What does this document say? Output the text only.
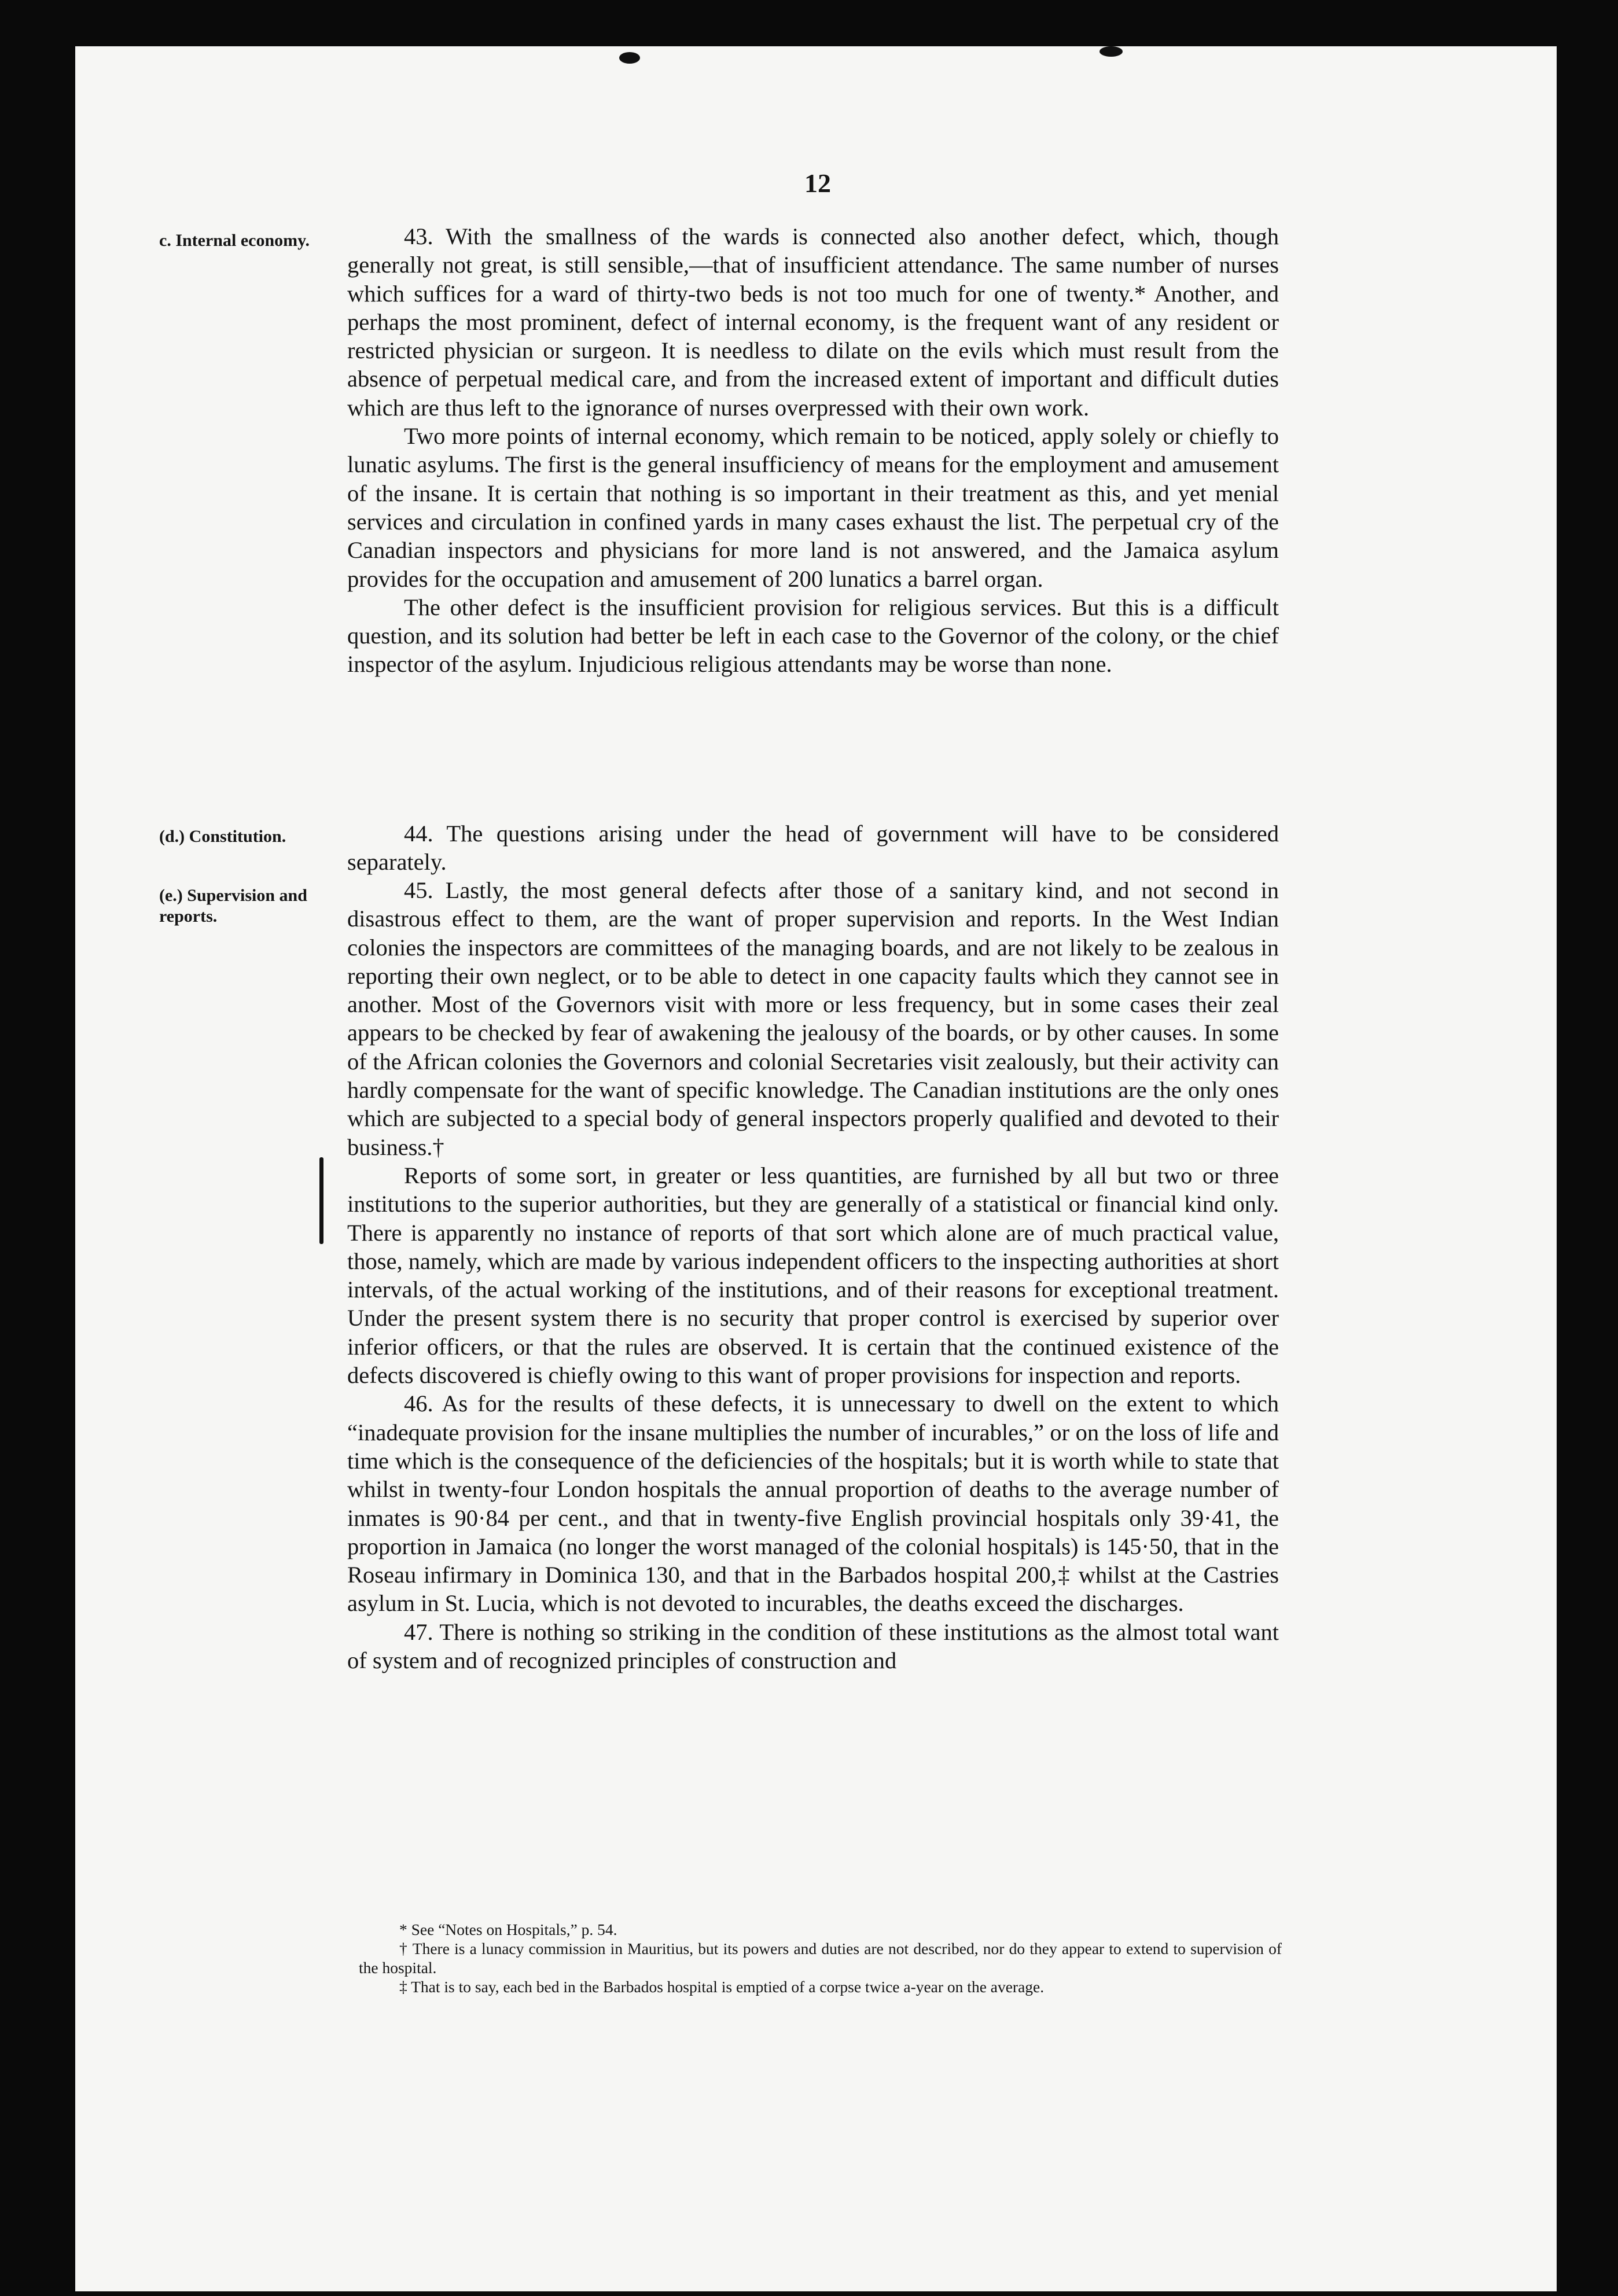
12
c. Internal economy.
(d.) Constitution.
(e.) Supervision and reports.

43. With the smallness of the wards is connected also another defect, which, though generally not great, is still sensible,—that of insufficient attendance. The same number of nurses which suffices for a ward of thirty-two beds is not too much for one of twenty.* Another, and perhaps the most prominent, defect of internal economy, is the frequent want of any resident or restricted physician or surgeon. It is needless to dilate on the evils which must result from the absence of perpetual medical care, and from the increased extent of important and difficult duties which are thus left to the ignorance of nurses overpressed with their own work.

Two more points of internal economy, which remain to be noticed, apply solely or chiefly to lunatic asylums. The first is the general insufficiency of means for the employment and amusement of the insane. It is certain that nothing is so important in their treatment as this, and yet menial services and circulation in confined yards in many cases exhaust the list. The perpetual cry of the Canadian inspectors and physicians for more land is not answered, and the Jamaica asylum provides for the occupation and amusement of 200 lunatics a barrel organ.

The other defect is the insufficient provision for religious services. But this is a difficult question, and its solution had better be left in each case to the Governor of the colony, or the chief inspector of the asylum. Injudicious religious attendants may be worse than none.

44. The questions arising under the head of government will have to be considered separately.

45. Lastly, the most general defects after those of a sanitary kind, and not second in disastrous effect to them, are the want of proper supervision and reports. In the West Indian colonies the inspectors are committees of the managing boards, and are not likely to be zealous in reporting their own neglect, or to be able to detect in one capacity faults which they cannot see in another. Most of the Governors visit with more or less frequency, but in some cases their zeal appears to be checked by fear of awakening the jealousy of the boards, or by other causes. In some of the African colonies the Governors and colonial Secretaries visit zealously, but their activity can hardly compensate for the want of specific knowledge. The Canadian institutions are the only ones which are subjected to a special body of general inspectors properly qualified and devoted to their business.†

Reports of some sort, in greater or less quantities, are furnished by all but two or three institutions to the superior authorities, but they are generally of a statistical or financial kind only. There is apparently no instance of reports of that sort which alone are of much practical value, those, namely, which are made by various independent officers to the inspecting authorities at short intervals, of the actual working of the institutions, and of their reasons for exceptional treatment. Under the present system there is no security that proper control is exercised by superior over inferior officers, or that the rules are observed. It is certain that the continued existence of the defects discovered is chiefly owing to this want of proper provisions for inspection and reports.

46. As for the results of these defects, it is unnecessary to dwell on the extent to which “inadequate provision for the insane multiplies the number of incurables,” or on the loss of life and time which is the consequence of the deficiencies of the hospitals; but it is worth while to state that whilst in twenty-four London hospitals the annual proportion of deaths to the average number of inmates is 90·84 per cent., and that in twenty-five English provincial hospitals only 39·41, the proportion in Jamaica (no longer the worst managed of the colonial hospitals) is 145·50, that in the Roseau infirmary in Dominica 130, and that in the Barbados hospital 200,‡ whilst at the Castries asylum in St. Lucia, which is not devoted to incurables, the deaths exceed the discharges.

47. There is nothing so striking in the condition of these institutions as the almost total want of system and of recognized principles of construction and

* See “Notes on Hospitals,” p. 54.

† There is a lunacy commission in Mauritius, but its powers and duties are not described, nor do they appear to extend to supervision of the hospital.

‡ That is to say, each bed in the Barbados hospital is emptied of a corpse twice a-year on the average.
